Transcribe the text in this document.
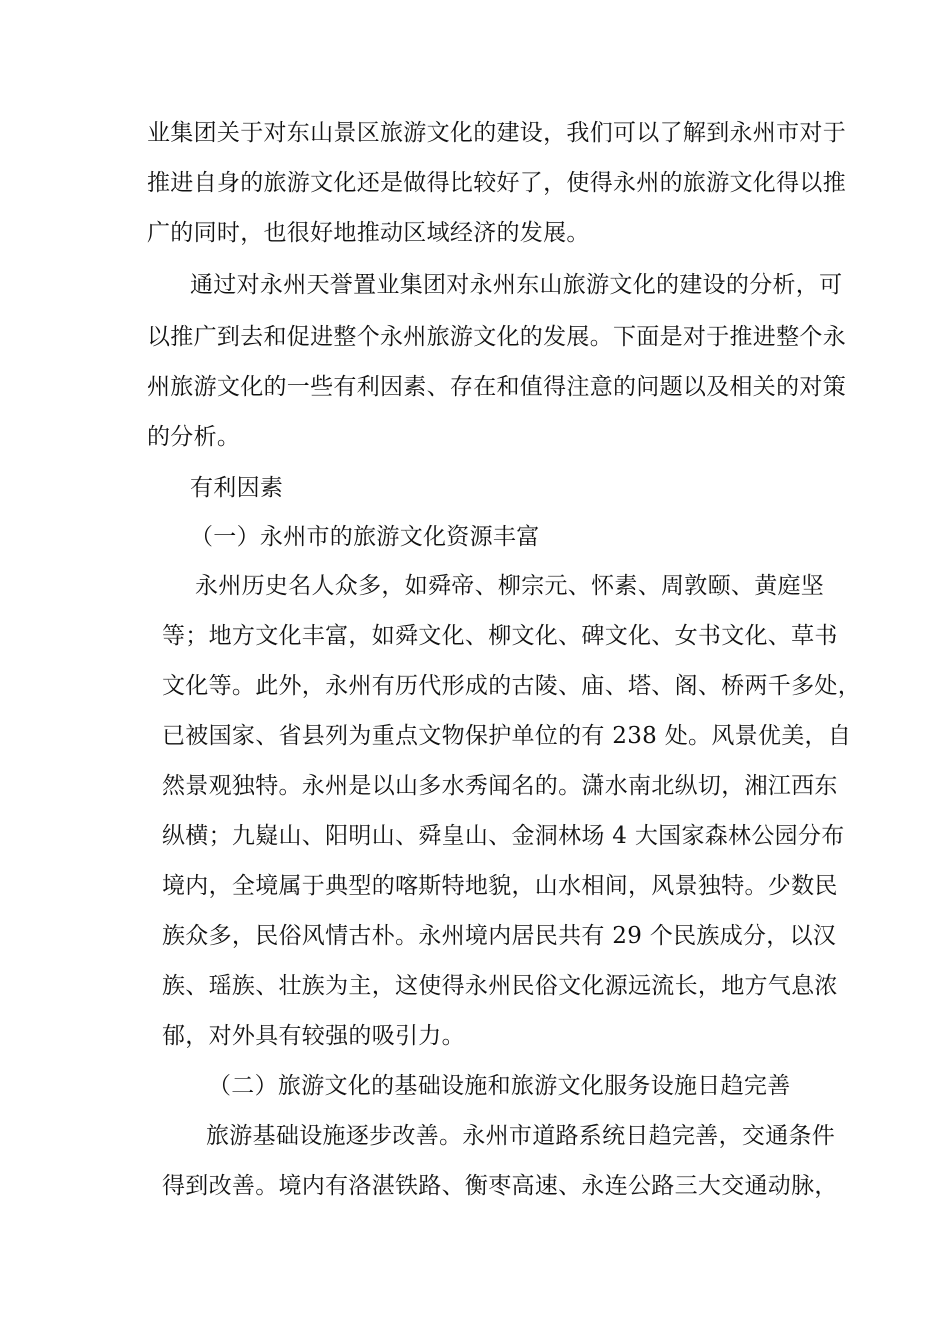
业集团关于对东山景区旅游文化的建设，我们可以了解到永州市对于
推进自身的旅游文化还是做得比较好了，使得永州的旅游文化得以推
广的同时，也很好地推动区域经济的发展。
通过对永州天誉置业集团对永州东山旅游文化的建设的分析，可
以推广到去和促进整个永州旅游文化的发展。下面是对于推进整个永
州旅游文化的一些有利因素、存在和值得注意的问题以及相关的对策
的分析。
有利因素
（一）永州市的旅游文化资源丰富
永州历史名人众多，如舜帝、柳宗元、怀素、周敦颐、黄庭坚
等；地方文化丰富，如舜文化、柳文化、碑文化、女书文化、草书
文化等。此外，永州有历代形成的古陵、庙、塔、阁、桥两千多处，
已被国家、省县列为重点文物保护单位的有 238 处。风景优美，自
然景观独特。永州是以山多水秀闻名的。潇水南北纵切，湘江西东
纵横；九嶷山、阳明山、舜皇山、金洞林场 4 大国家森林公园分布
境内，全境属于典型的喀斯特地貌，山水相间，风景独特。少数民
族众多，民俗风情古朴。永州境内居民共有 29 个民族成分，以汉
族、瑶族、壮族为主，这使得永州民俗文化源远流长，地方气息浓
郁，对外具有较强的吸引力。
（二）旅游文化的基础设施和旅游文化服务设施日趋完善
旅游基础设施逐步改善。永州市道路系统日趋完善，交通条件
得到改善。境内有洛湛铁路、衡枣高速、永连公路三大交通动脉，
